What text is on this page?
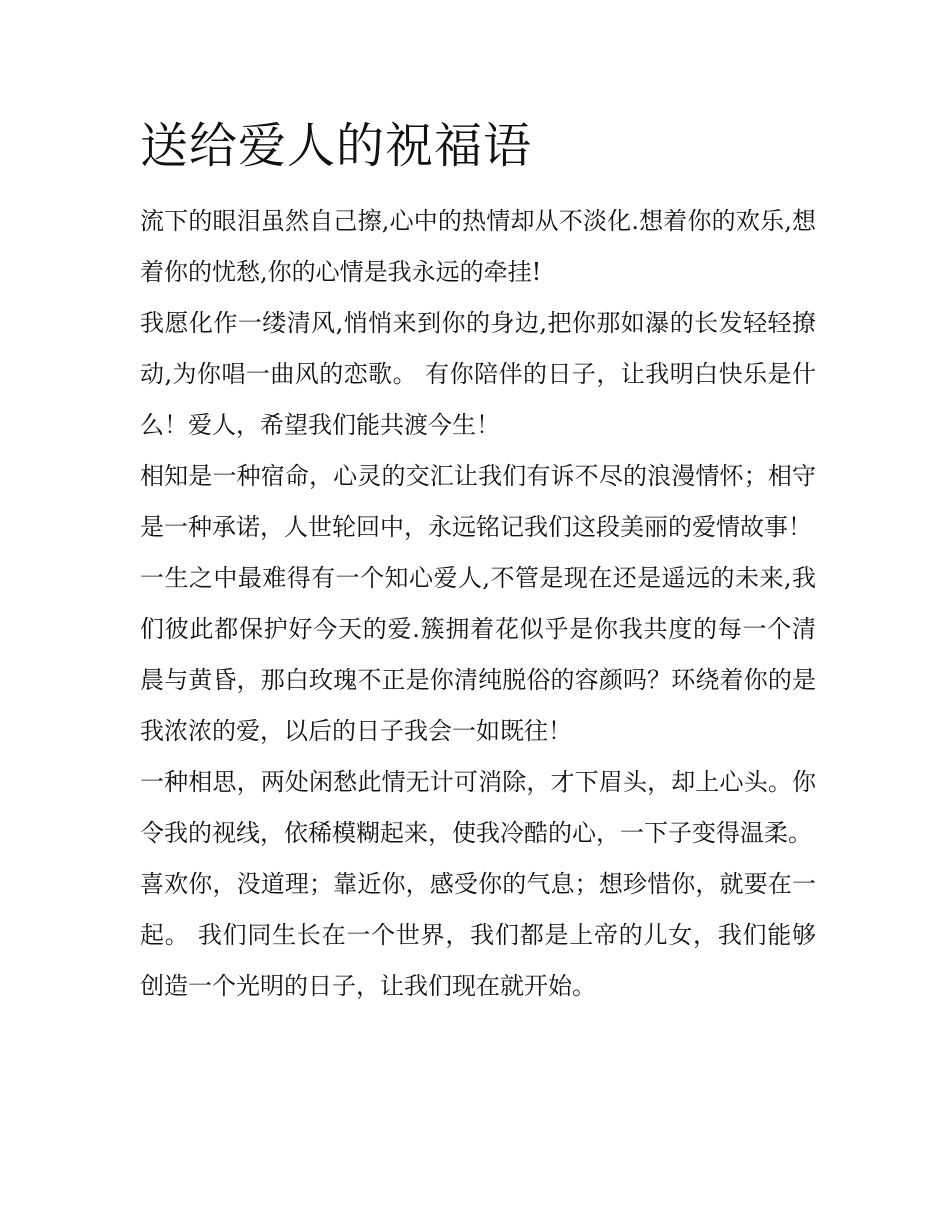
送给爱人的祝福语

流下的眼泪虽然自己擦,心中的热情却从不淡化.想着你的欢乐,想着你的忧愁,你的心情是我永远的牵挂!

我愿化作一缕清风,悄悄来到你的身边,把你那如瀑的长发轻轻撩动,为你唱一曲风的恋歌。 有你陪伴的日子，让我明白快乐是什么！爱人，希望我们能共渡今生！

相知是一种宿命，心灵的交汇让我们有诉不尽的浪漫情怀；相守是一种承诺，人世轮回中，永远铭记我们这段美丽的爱情故事！

一生之中最难得有一个知心爱人,不管是现在还是遥远的未来,我们彼此都保护好今天的爱.簇拥着花似乎是你我共度的每一个清晨与黄昏，那白玫瑰不正是你清纯脱俗的容颜吗？环绕着你的是我浓浓的爱，以后的日子我会一如既往！

一种相思，两处闲愁此情无计可消除，才下眉头，却上心头。你令我的视线，依稀模糊起来，使我冷酷的心，一下子变得温柔。

喜欢你，没道理；靠近你，感受你的气息；想珍惜你，就要在一起。 我们同生长在一个世界，我们都是上帝的儿女，我们能够创造一个光明的日子，让我们现在就开始。
